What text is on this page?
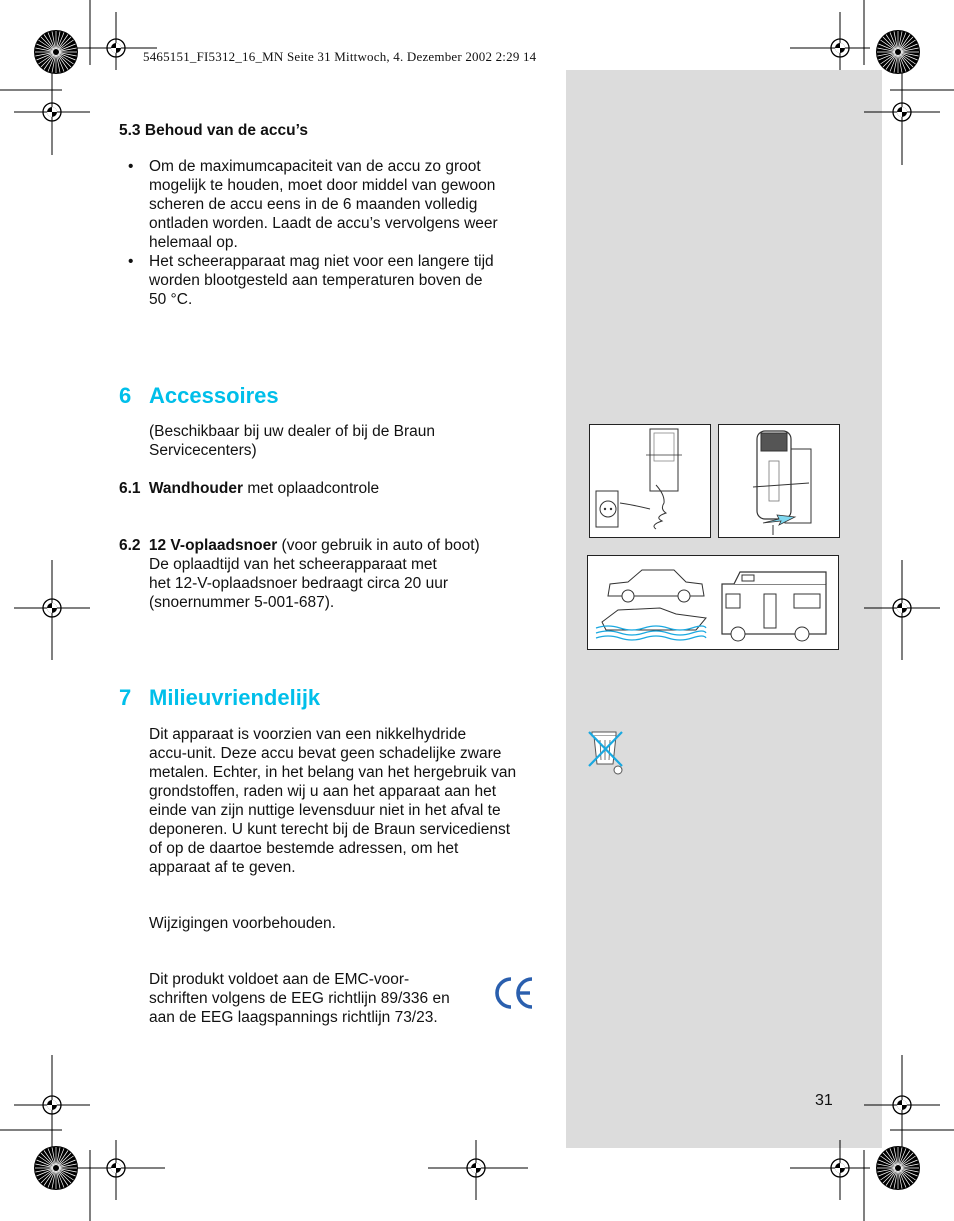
5465151_FI5312_16_MN Seite 31 Mittwoch, 4. Dezember 2002 2:29 14
5.3 Behoud van de accu’s
• Om de maximumcapaciteit van de accu zo groot
mogelijk te houden, moet door middel van gewoon
scheren de accu eens in de 6 maanden volledig
ontladen worden. Laadt de accu’s vervolgens weer
helemaal op.
• Het scheerapparaat mag niet voor een langere tijd
worden blootgesteld aan temperaturen boven de
50 °C.
6 Accessoires
(Beschikbaar bij uw dealer of bij de Braun
Servicecenters)
6.1 Wandhouder met oplaadcontrole
6.2 12 V-oplaadsnoer (voor gebruik in auto of boot)
De oplaadtijd van het scheerapparaat met
het 12-V-oplaadsnoer bedraagt circa 20 uur
(snoernummer 5-001-687).
7 Milieuvriendelijk
Dit apparaat is voorzien van een nikkelhydride
accu-unit. Deze accu bevat geen schadelijke zware
metalen. Echter, in het belang van het hergebruik van
grondstoffen, raden wij u aan het apparaat aan het
einde van zijn nuttige levensduur niet in het afval te
deponeren. U kunt terecht bij de Braun servicedienst
of op de daartoe bestemde adressen, om het
apparaat af te geven.
Wijzigingen voorbehouden.
Dit produkt voldoet aan de EMC-voor-
schriften volgens de EEG richtlijn 89/336 en
aan de EEG laagspannings richtlijn 73/23.
31
